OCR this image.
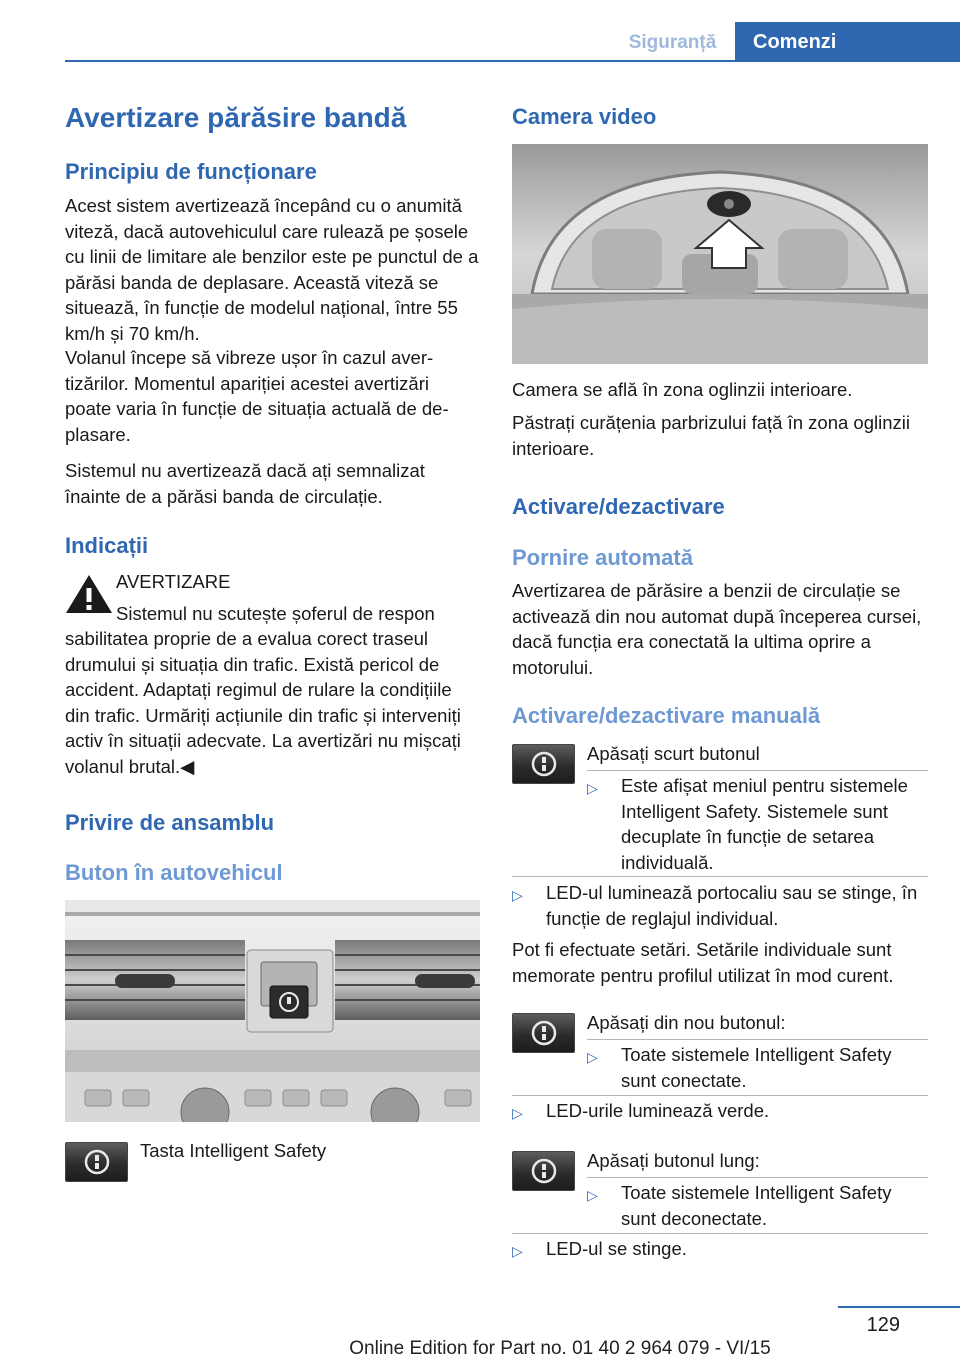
Siguranță	Comenzi
Avertizare părăsire bandă
Principiu de funcționare
Acest sistem avertizează începând cu o anumită viteză, dacă autovehiculul care rulează pe șosele cu linii de limitare ale benzilor este pe punctul de a părăsi banda de deplasare. Această viteză se situează, în funcție de modelul național, între 55 km/h și 70 km/h.
Volanul începe să vibreze ușor în cazul avertizărilor. Momentul apariției acestei avertizări poate varia în funcție de situația actuală de deplasare.
Sistemul nu avertizează dacă ați semnalizat înainte de a părăsi banda de circulație.
Indicații
AVERTIZARE
Sistemul nu scutește șoferul de respon
sabilitatea proprie de a evalua corect traseul drumului și situația din trafic. Există pericol de accident. Adaptați regimul de rulare la condițiile din trafic. Urmăriți acțiunile din trafic și interveniți activ în situații adecvate. La avertizări nu mișcați volanul brutal.◀
Privire de ansamblu
Buton în autovehicul
Tasta Intelligent Safety
Camera video
Camera se află în zona oglinzii interioare.
Păstrați curățenia parbrizului față în zona oglinzii interioare.
Activare/dezactivare
Pornire automată
Avertizarea de părăsire a benzii de circulație se activează din nou automat după începerea cursei, dacă funcția era conectată la ultima oprire a motorului.
Activare/dezactivare manuală
Apăsați scurt butonul
▷ Este afișat meniul pentru sistemele Intelligent Safety. Sistemele sunt decuplate în funcție de setarea individuală.
▷ LED-ul luminează portocaliu sau se stinge, în funcție de reglajul individual.
Pot fi efectuate setări. Setările individuale sunt memorate pentru profilul utilizat în mod curent.
Apăsați din nou butonul:
▷ Toate sistemele Intelligent Safety sunt conectate.
▷ LED-urile luminează verde.
Apăsați butonul lung:
▷ Toate sistemele Intelligent Safety sunt deconectate.
▷ LED-ul se stinge.
129
Online Edition for Part no. 01 40 2 964 079 - VI/15
